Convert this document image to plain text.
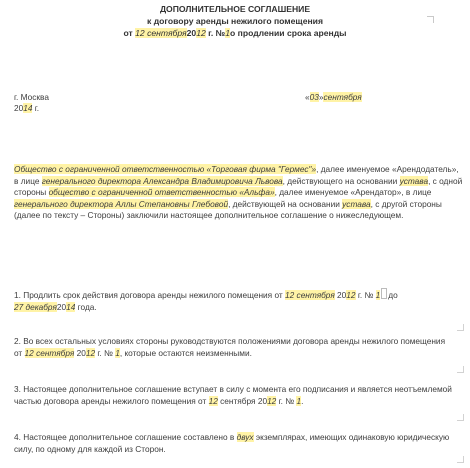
ДОПОЛНИТЕЛЬНОЕ СОГЛАШЕНИЕ
к договору аренды нежилого помещения
от 12 сентября2012 г. №1о продлении срока аренды
г. Москва
2014 г.
«03»сентября
Общество с ограниченной ответственностью «Торговая фирма "Гермес"», далее именуемое «Арендодатель», в лице генерального директора Александра Владимировича Львова, действующего на основании устава, с одной стороны общество с ограниченной ответственностью «Альфа», далее именуемое «Арендатор», в лице генерального директора Аллы Степановны Глебовой, действующей на основании устава, с другой стороны (далее по тексту – Стороны) заключили настоящее дополнительное соглашение о нижеследующем.
1. Продлить срок действия договора аренды нежилого помещения от 12 сентября 2012 г. № 1 до
27 декабря2014 года.
2. Во всех остальных условиях стороны руководствуются положениями договора аренды нежилого помещения от 12 сентября 2012 г. № 1, которые остаются неизменными.
3. Настоящее дополнительное соглашение вступает в силу с момента его подписания и является неотъемлемой частью договора аренды нежилого помещения от 12 сентября 2012 г. № 1.
4. Настоящее дополнительное соглашение составлено в двух экземплярах, имеющих одинаковую юридическую силу, по одному для каждой из Сторон.
